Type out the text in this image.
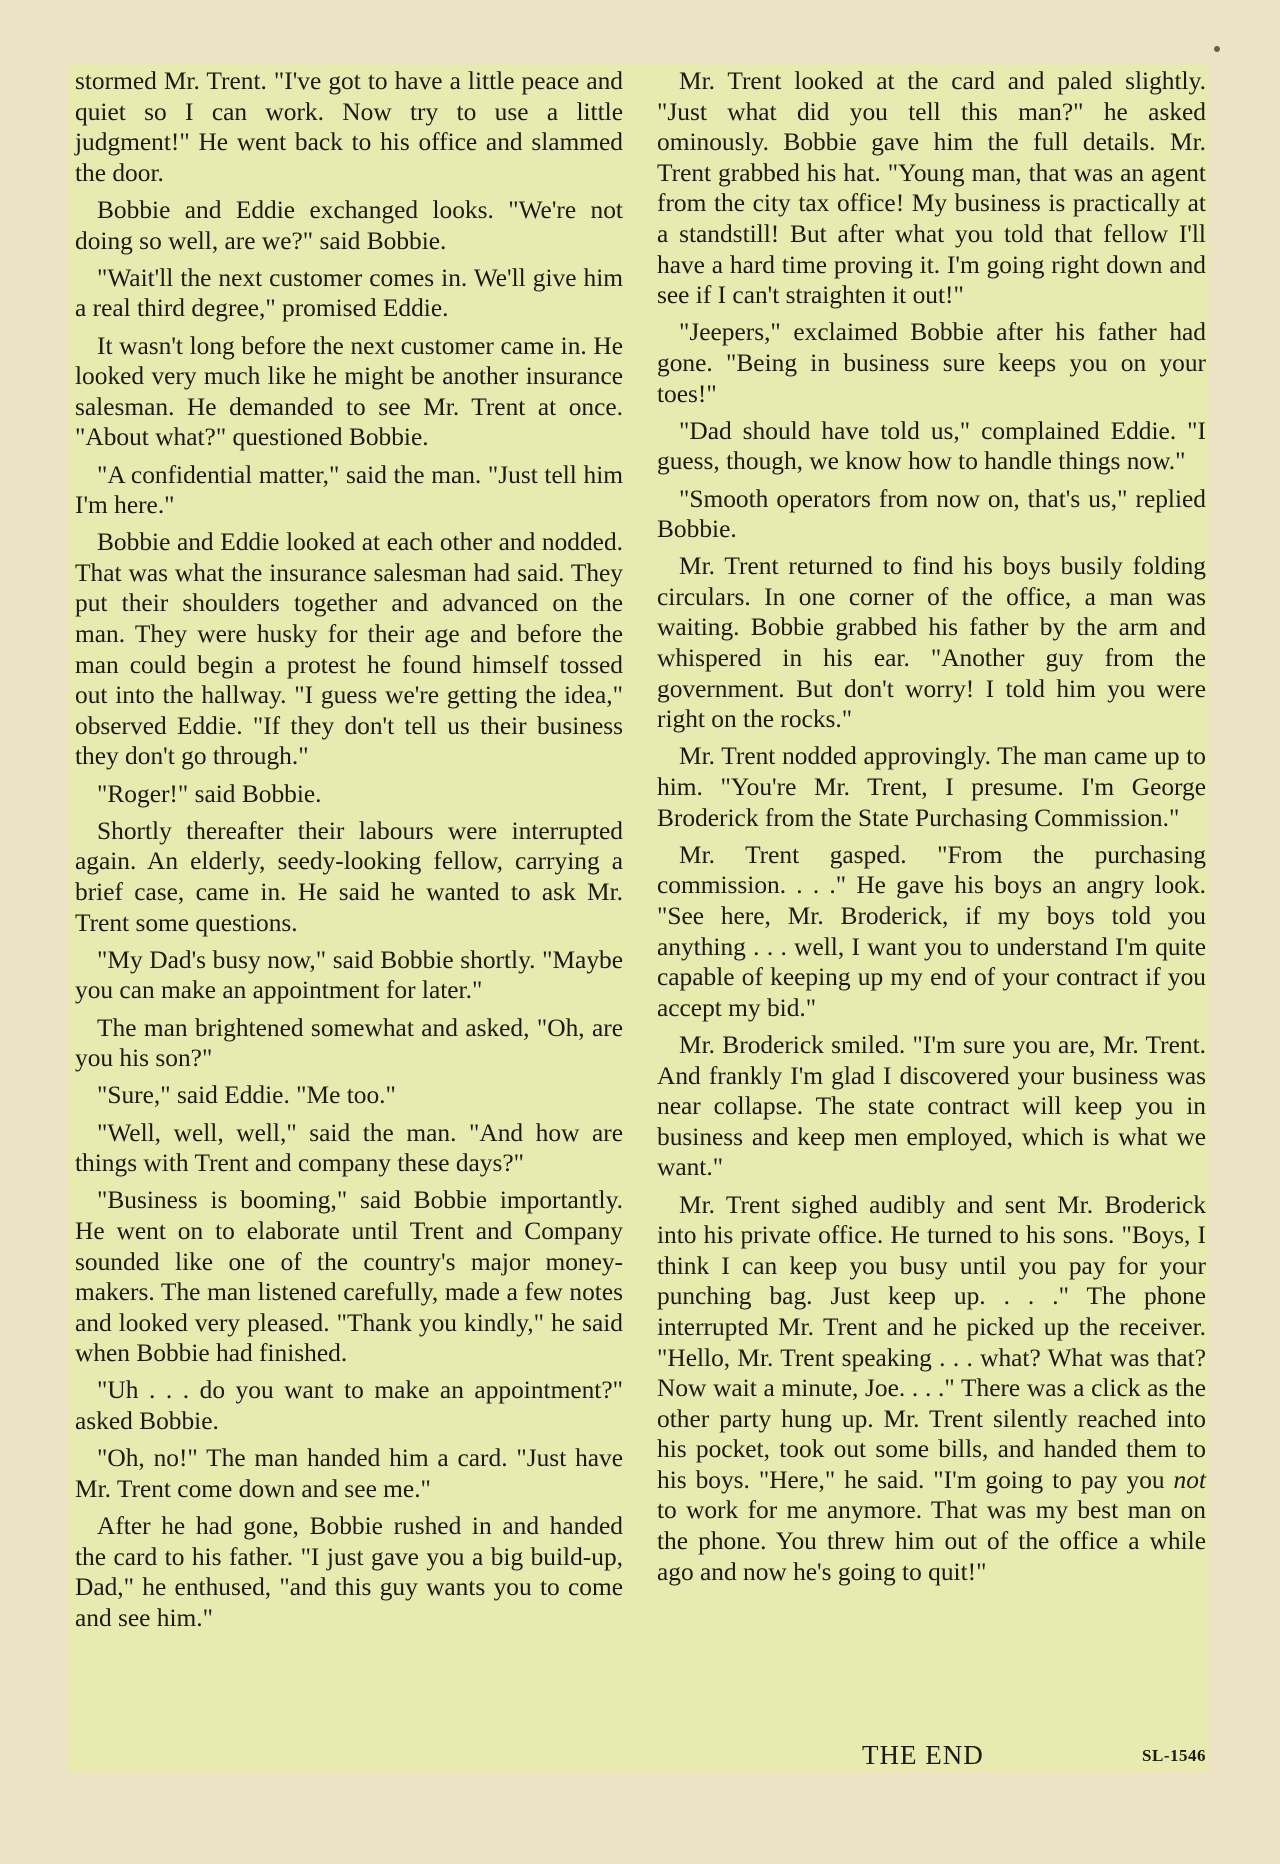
stormed Mr. Trent. "I've got to have a little peace and quiet so I can work. Now try to use a little judgment!" He went back to his office and slammed the door.

Bobbie and Eddie exchanged looks. "We're not doing so well, are we?" said Bobbie.

"Wait'll the next customer comes in. We'll give him a real third degree," promised Eddie.

It wasn't long before the next customer came in. He looked very much like he might be another insurance salesman. He demanded to see Mr. Trent at once. "About what?" questioned Bobbie.

"A confidential matter," said the man. "Just tell him I'm here."

Bobbie and Eddie looked at each other and nodded. That was what the insurance salesman had said. They put their shoulders together and advanced on the man. They were husky for their age and before the man could begin a protest he found himself tossed out into the hallway. "I guess we're getting the idea," observed Eddie. "If they don't tell us their business they don't go through."

"Roger!" said Bobbie.

Shortly thereafter their labours were interrupted again. An elderly, seedy-looking fellow, carrying a brief case, came in. He said he wanted to ask Mr. Trent some questions.

"My Dad's busy now," said Bobbie shortly. "Maybe you can make an appointment for later."

The man brightened somewhat and asked, "Oh, are you his son?"

"Sure," said Eddie. "Me too."

"Well, well, well," said the man. "And how are things with Trent and company these days?"

"Business is booming," said Bobbie importantly. He went on to elaborate until Trent and Company sounded like one of the country's major money-makers. The man listened carefully, made a few notes and looked very pleased. "Thank you kindly," he said when Bobbie had finished.

"Uh . . . do you want to make an appointment?" asked Bobbie.

"Oh, no!" The man handed him a card. "Just have Mr. Trent come down and see me."

After he had gone, Bobbie rushed in and handed the card to his father. "I just gave you a big build-up, Dad," he enthused, "and this guy wants you to come and see him."

Mr. Trent looked at the card and paled slightly. "Just what did you tell this man?" he asked ominously. Bobbie gave him the full details. Mr. Trent grabbed his hat. "Young man, that was an agent from the city tax office! My business is practically at a standstill! But after what you told that fellow I'll have a hard time proving it. I'm going right down and see if I can't straighten it out!"

"Jeepers," exclaimed Bobbie after his father had gone. "Being in business sure keeps you on your toes!"

"Dad should have told us," complained Eddie. "I guess, though, we know how to handle things now."

"Smooth operators from now on, that's us," replied Bobbie.

Mr. Trent returned to find his boys busily folding circulars. In one corner of the office, a man was waiting. Bobbie grabbed his father by the arm and whispered in his ear. "Another guy from the government. But don't worry! I told him you were right on the rocks."

Mr. Trent nodded approvingly. The man came up to him. "You're Mr. Trent, I presume. I'm George Broderick from the State Purchasing Commission."

Mr. Trent gasped. "From the purchasing commission. . . ." He gave his boys an angry look. "See here, Mr. Broderick, if my boys told you anything . . . well, I want you to understand I'm quite capable of keeping up my end of your contract if you accept my bid."

Mr. Broderick smiled. "I'm sure you are, Mr. Trent. And frankly I'm glad I discovered your business was near collapse. The state contract will keep you in business and keep men employed, which is what we want."

Mr. Trent sighed audibly and sent Mr. Broderick into his private office. He turned to his sons. "Boys, I think I can keep you busy until you pay for your punching bag. Just keep up. . . ." The phone interrupted Mr. Trent and he picked up the receiver. "Hello, Mr. Trent speaking . . . what? What was that? Now wait a minute, Joe. . . ." There was a click as the other party hung up. Mr. Trent silently reached into his pocket, took out some bills, and handed them to his boys. "Here," he said. "I'm going to pay you not to work for me anymore. That was my best man on the phone. You threw him out of the office a while ago and now he's going to quit!"

THE END	SL-1546
